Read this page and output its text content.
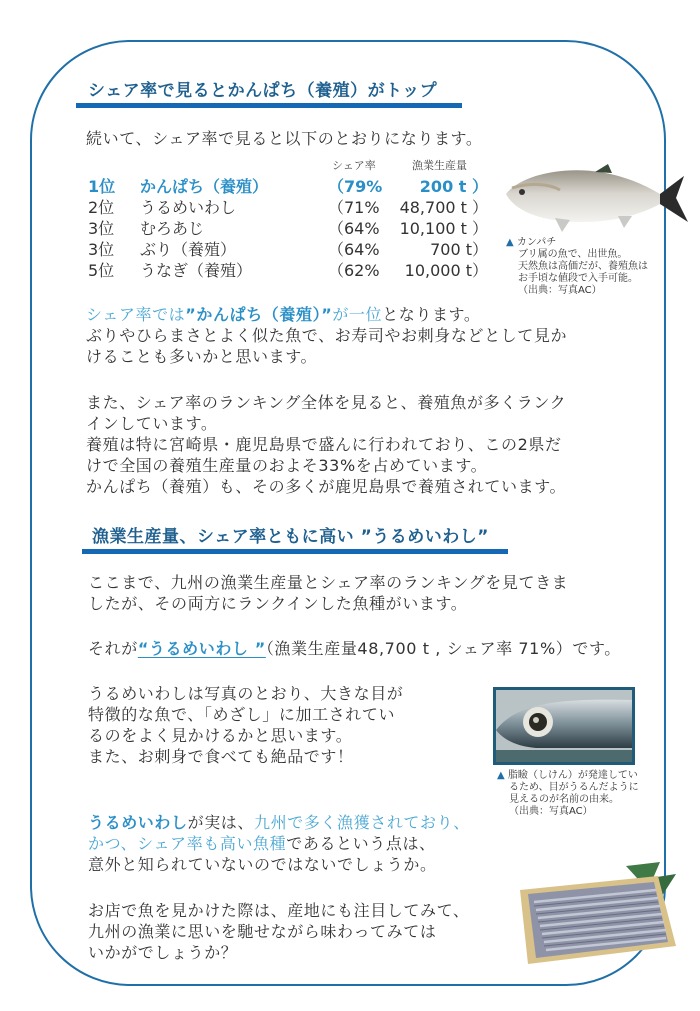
シェア率で見るとかんぱち（養殖）がトップ
続いて、シェア率で見ると以下のとおりになります。
シェア率	漁業生産量
1位 かんぱち（養殖）	（79%	200 t ）
2位 うるめいわし	（71%	48,700 t ）
3位 むろあじ	（64%	10,100 t ）
3位 ぶり（養殖）	（64%	700 t）
5位 うなぎ（養殖）	（62%	10,000 t）
▲ カンパチ
ブリ属の魚で、出世魚。
天然魚は高価だが、養殖魚は
お手頃な値段で入手可能。
（出典：写真AC）
シェア率では”かんぱち（養殖）”が一位となります。
ぶりやひらまさとよく似た魚で、お寿司やお刺身などとして見か
けることも多いかと思います。
また、シェア率のランキング全体を見ると、養殖魚が多くランク
インしています。
養殖は特に宮崎県・鹿児島県で盛んに行われており、この2県だ
けで全国の養殖生産量のおよそ33%を占めています。
かんぱち（養殖）も、その多くが鹿児島県で養殖されています。
漁業生産量、シェア率ともに高い ”うるめいわし”
ここまで、九州の漁業生産量とシェア率のランキングを見てきま
したが、その両方にランクインした魚種がいます。
それが“うるめいわし ”（漁業生産量48,700 t , シェア率 71%）です。
うるめいわしは写真のとおり、大きな目が
特徴的な魚で、「めざし」に加工されてい
るのをよく見かけるかと思います。
また、お刺身で食べても絶品です！
▲ 脂瞼（しけん）が発達してい
るため、目がうるんだように
見えるのが名前の由来。
（出典：写真AC）
うるめいわしが実は、九州で多く漁獲されており、
かつ、シェア率も高い魚種であるという点は、
意外と知られていないのではないでしょうか。
お店で魚を見かけた際は、産地にも注目してみて、
九州の漁業に思いを馳せながら味わってみては
いかがでしょうか？
